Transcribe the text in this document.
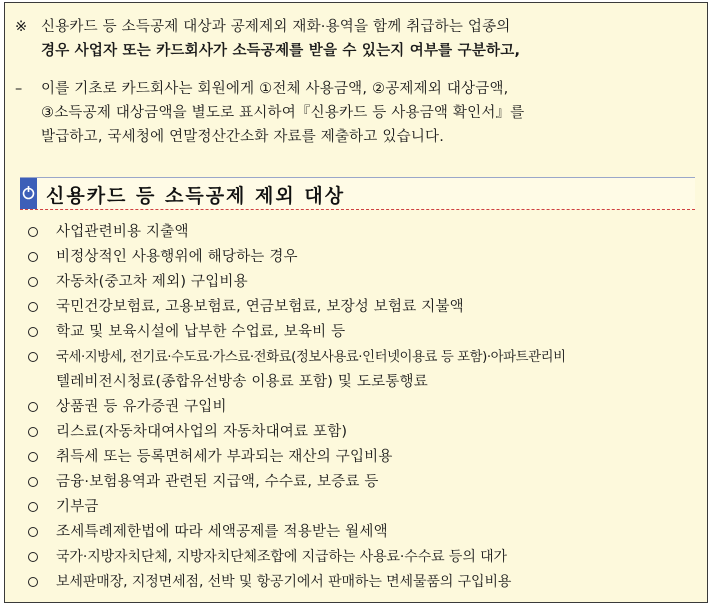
※ 신용카드 등 소득공제 대상과 공제제외 재화·용역을 함께 취급하는 업종의
경우 사업자 또는 카드회사가 소득공제를 받을 수 있는지 여부를 구분하고,
–	이를 기초로 카드회사는 회원에게 ①전체 사용금액, ②공제제외 대상금액,
③소득공제 대상금액을 별도로 표시하여『신용카드 등 사용금액 확인서』를
발급하고, 국세청에 연말정산간소화 자료를 제출하고 있습니다.
신용카드 등 소득공제 제외 대상
사업관련비용 지출액
비정상적인 사용행위에 해당하는 경우
자동차(중고차 제외) 구입비용
국민건강보험료, 고용보험료, 연금보험료, 보장성 보험료 지불액
학교 및 보육시설에 납부한 수업료, 보육비 등
국세·지방세, 전기료·수도료·가스료·전화료(정보사용료·인터넷이용료 등 포함)·아파트관리비
텔레비전시청료(종합유선방송 이용료 포함) 및 도로통행료
상품권 등 유가증권 구입비
리스료(자동차대여사업의 자동차대여료 포함)
취득세 또는 등록면허세가 부과되는 재산의 구입비용
금융·보험용역과 관련된 지급액, 수수료, 보증료 등
기부금
조세특례제한법에 따라 세액공제를 적용받는 월세액
국가·지방자치단체, 지방자치단체조합에 지급하는 사용료·수수료 등의 대가
보세판매장, 지정면세점, 선박 및 항공기에서 판매하는 면세물품의 구입비용
